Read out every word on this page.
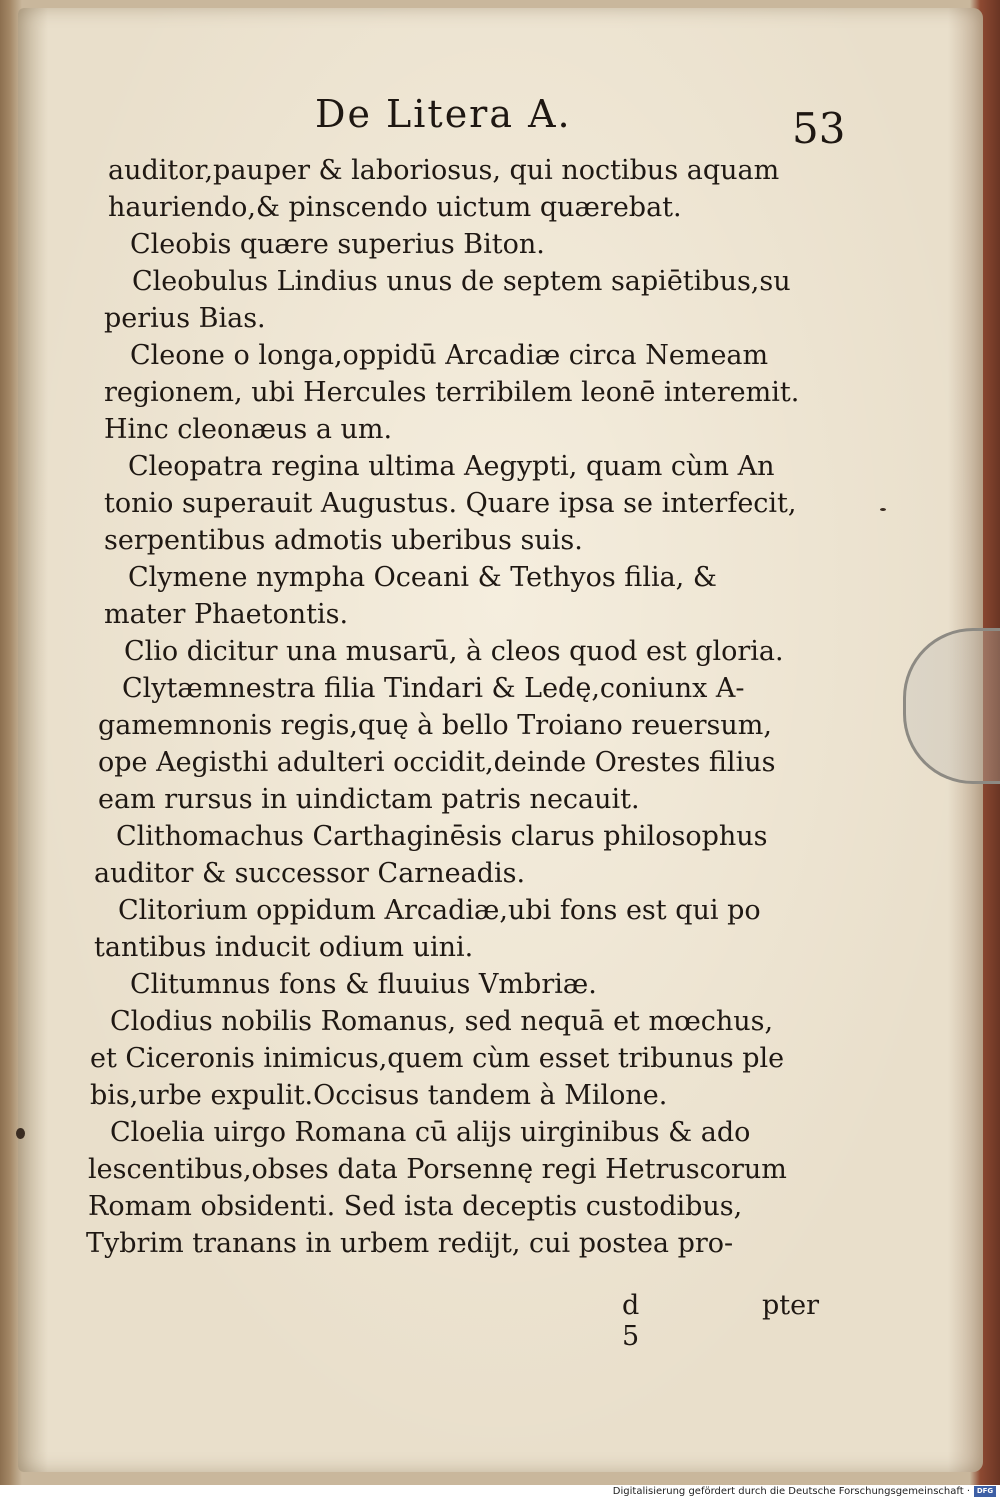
De Litera A.	53
auditor,pauper & laboriosus, qui noctibus aquam
hauriendo,& pinscendo uictum quærebat.
Cleobis quære superius Biton.
Cleobulus Lindius unus de septem sapiētibus,su
perius Bias.
Cleone o longa,oppidū Arcadiæ circa Nemeam
regionem, ubi Hercules terribilem leonē interemit.
Hinc cleonæus a um.
Cleopatra regina ultima Aegypti, quam cùm An
tonio superauit Augustus. Quare ipsa se interfecit,
serpentibus admotis uberibus suis.
Clymene nympha Oceani & Tethyos filia, &
mater Phaetontis.
Clio dicitur una musarū, à cleos quod est gloria.
Clytæmnestra filia Tindari & Ledę,coniunx A-
gamemnonis regis,quę à bello Troiano reuersum,
ope Aegisthi adulteri occidit,deinde Orestes filius
eam rursus in uindictam patris necauit.
Clithomachus Carthaginēsis clarus philosophus
auditor & successor Carneadis.
Clitorium oppidum Arcadiæ,ubi fons est qui po
tantibus inducit odium uini.
Clitumnus fons & fluuius Vmbriæ.
Clodius nobilis Romanus, sed nequā et mœchus,
et Ciceronis inimicus,quem cùm esset tribunus ple
bis,urbe expulit.Occisus tandem à Milone.
Cloelia uirgo Romana cū alijs uirginibus & ado
lescentibus,obses data Porsennę regi Hetruscorum
Romam obsidenti. Sed ista deceptis custodibus,
Tybrim tranans in urbem redijt, cui postea pro-
d 5
pter
Digitalisierung gefördert durch die Deutsche Forschungsgemeinschaft · DFG
